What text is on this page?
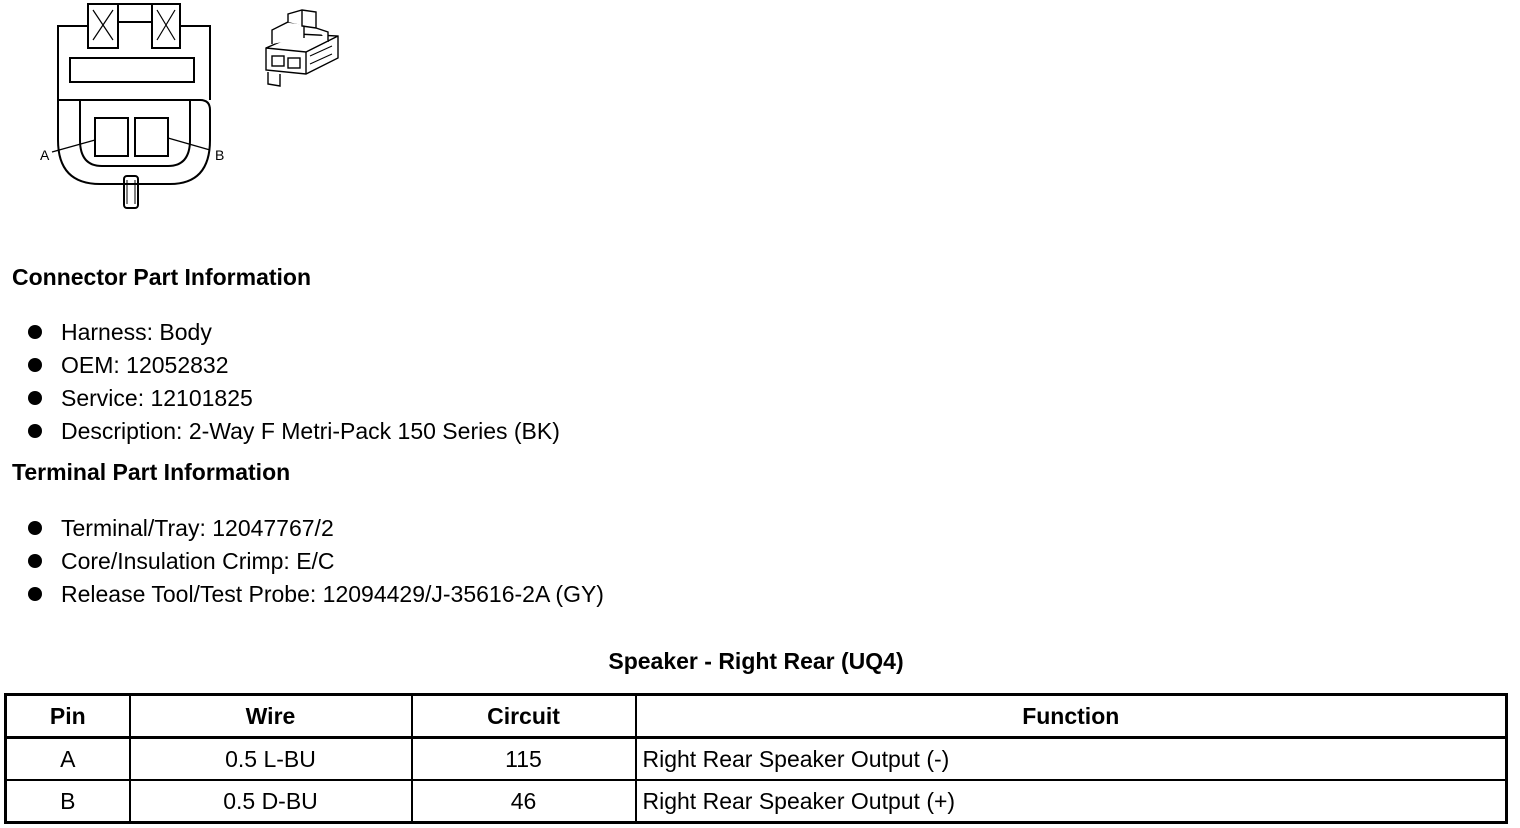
A	B
Connector Part Information
Harness: Body
OEM: 12052832
Service: 12101825
Description: 2-Way F Metri-Pack 150 Series (BK)
Terminal Part Information
Terminal/Tray: 12047767/2
Core/Insulation Crimp: E/C
Release Tool/Test Probe: 12094429/J-35616-2A (GY)
Speaker - Right Rear (UQ4)
Pin	Wire	Circuit	Function
A	0.5 L-BU	115	Right Rear Speaker Output (-)
B	0.5 D-BU	46	Right Rear Speaker Output (+)
